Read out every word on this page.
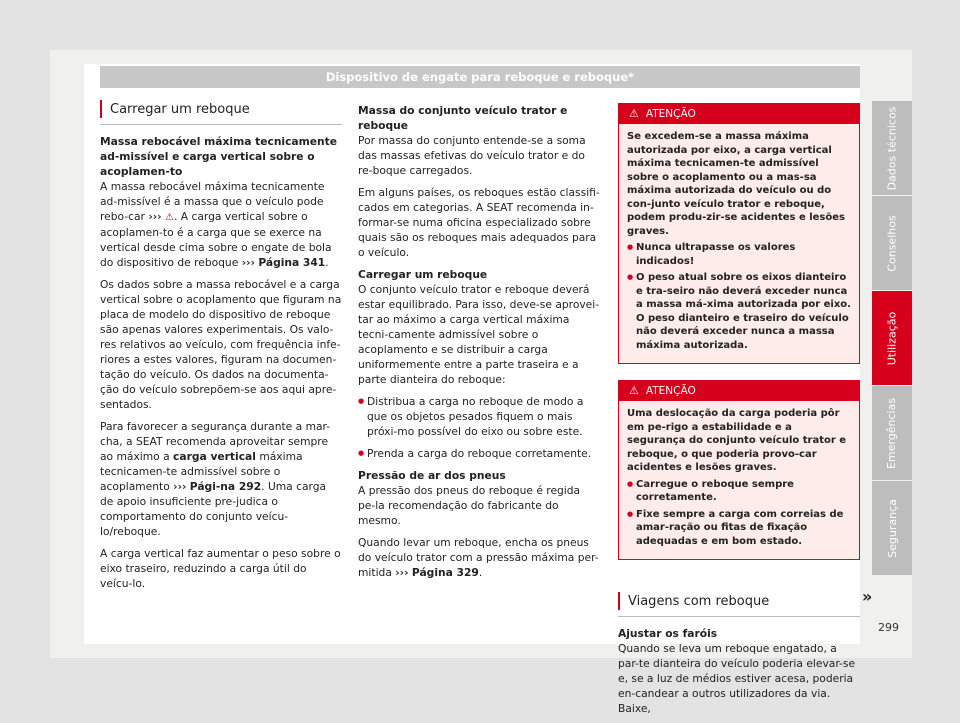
Dispositivo de engate para reboque e reboque*
Carregar um reboque

Massa rebocável máxima tecnicamente ad-missível e carga vertical sobre o acoplamen-to

A massa rebocável máxima tecnicamente ad-missível é a massa que o veículo pode rebo-car ››› ⚠. A carga vertical sobre o acoplamen-to é a carga que se exerce na vertical desde cima sobre o engate de bola do dispositivo de reboque ››› Página 341.

Os dados sobre a massa rebocável e a carga vertical sobre o acoplamento que figuram na placa de modelo do dispositivo de reboque são apenas valores experimentais. Os valo-res relativos ao veículo, com frequência infe-riores a estes valores, figuram na documen-tação do veículo. Os dados na documenta-ção do veículo sobrepõem-se aos aqui apre-sentados.

Para favorecer a segurança durante a mar-cha, a SEAT recomenda aproveitar sempre ao máximo a carga vertical máxima tecnicamen-te admissível sobre o acoplamento ››› Pági-na 292. Uma carga de apoio insuficiente pre-judica o comportamento do conjunto veícu-lo/reboque.

A carga vertical faz aumentar o peso sobre o eixo traseiro, reduzindo a carga útil do veícu-lo.

Massa do conjunto veículo trator e reboque

Por massa do conjunto entende-se a soma das massas efetivas do veículo trator e do re-boque carregados.

Em alguns países, os reboques estão classifi-cados em categorias. A SEAT recomenda in-formar-se numa oficina especializado sobre quais são os reboques mais adequados para o veículo.

Carregar um reboque

O conjunto veículo trator e reboque deverá estar equilibrado. Para isso, deve-se aprovei-tar ao máximo a carga vertical máxima tecni-camente admissível sobre o acoplamento e se distribuir a carga uniformemente entre a parte traseira e a parte dianteira do reboque:

● Distribua a carga no reboque de modo a que os objetos pesados fiquem o mais próxi-mo possível do eixo ou sobre este.

● Prenda a carga do reboque corretamente.

Pressão de ar dos pneus

A pressão dos pneus do reboque é regida pe-la recomendação do fabricante do mesmo.

Quando levar um reboque, encha os pneus do veículo trator com a pressão máxima per-mitida ››› Página 329.

⚠ ATENÇÃO

Se excedem-se a massa máxima autorizada por eixo, a carga vertical máxima tecnicamen-te admissível sobre o acoplamento ou a mas-sa máxima autorizada do veículo ou do con-junto veículo trator e reboque, podem produ-zir-se acidentes e lesões graves.

● Nunca ultrapasse os valores indicados!

● O peso atual sobre os eixos dianteiro e tra-seiro não deverá exceder nunca a massa má-xima autorizada por eixo. O peso dianteiro e traseiro do veículo não deverá exceder nunca a massa máxima autorizada.

⚠ ATENÇÃO

Uma deslocação da carga poderia pôr em pe-rigo a estabilidade e a segurança do conjunto veículo trator e reboque, o que poderia provo-car acidentes e lesões graves.

● Carregue o reboque sempre corretamente.

● Fixe sempre a carga com correias de amar-ração ou fitas de fixação adequadas e em bom estado.

Viagens com reboque

Ajustar os faróis

Quando se leva um reboque engatado, a par-te dianteira do veículo poderia elevar-se e, se a luz de médios estiver acesa, poderia en-candear a outros utilizadores da via. Baixe,

»
Dados técnicos
Conselhos
Utilização
Emergências
Segurança
299
